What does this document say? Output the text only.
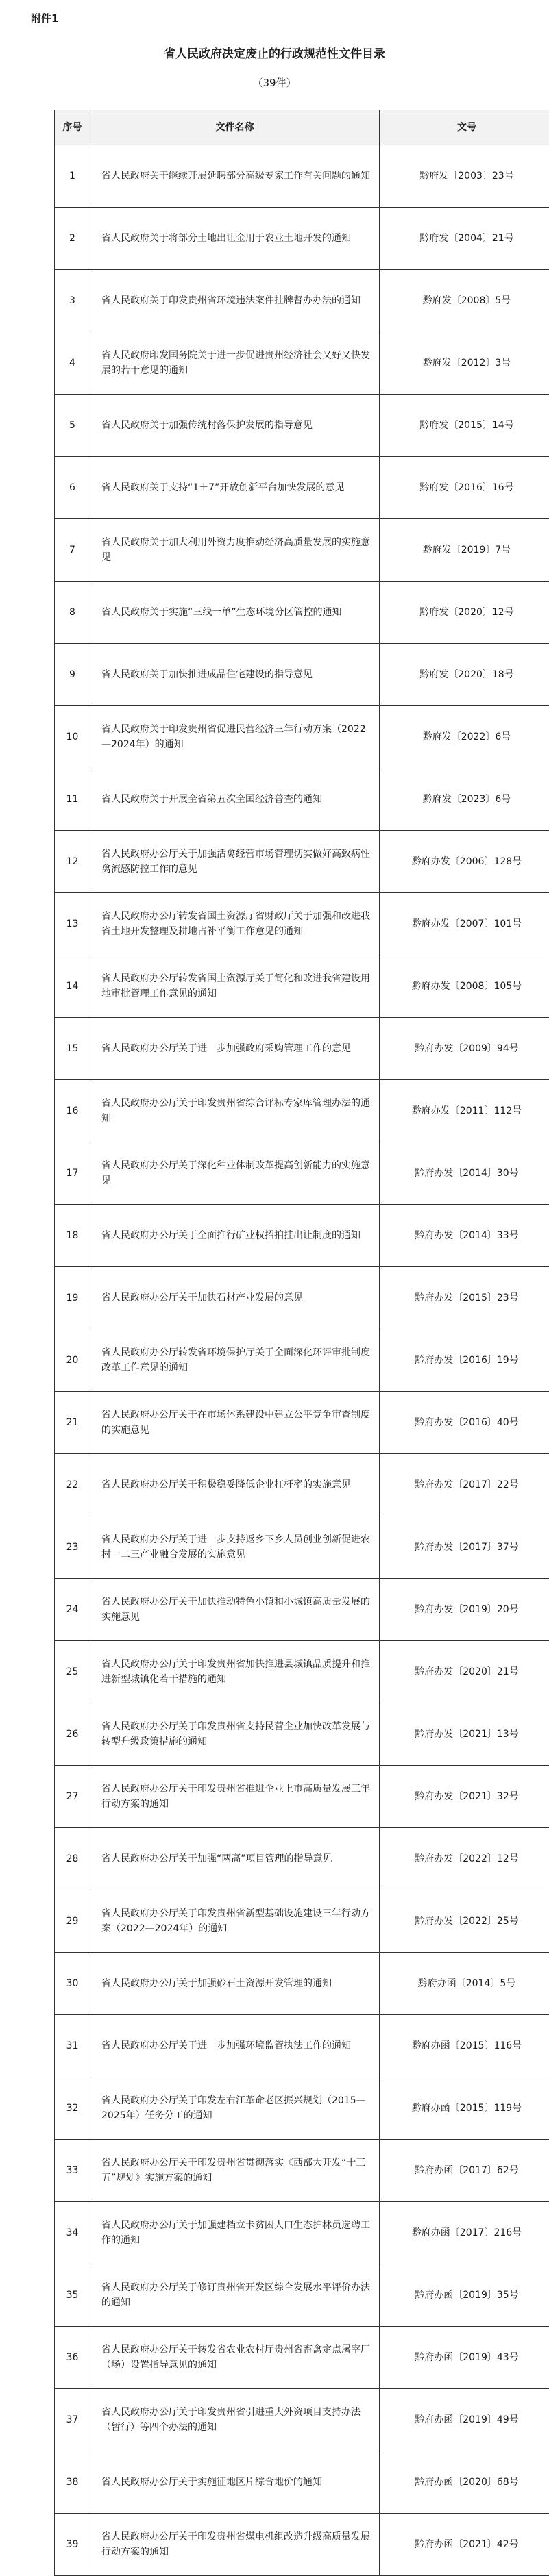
附件1
省人民政府决定废止的行政规范性文件目录
（39件）
序号	文件名称	文号
1	省人民政府关于继续开展延聘部分高级专家工作有关问题的通知	黔府发〔2003〕23号
2	省人民政府关于将部分土地出让金用于农业土地开发的通知	黔府发〔2004〕21号
3	省人民政府关于印发贵州省环境违法案件挂牌督办办法的通知	黔府发〔2008〕5号
4	省人民政府印发国务院关于进一步促进贵州经济社会又好又快发展的若干意见的通知	黔府发〔2012〕3号
5	省人民政府关于加强传统村落保护发展的指导意见	黔府发〔2015〕14号
6	省人民政府关于支持“1＋7”开放创新平台加快发展的意见	黔府发〔2016〕16号
7	省人民政府关于加大利用外资力度推动经济高质量发展的实施意见	黔府发〔2019〕7号
8	省人民政府关于实施“三线一单”生态环境分区管控的通知	黔府发〔2020〕12号
9	省人民政府关于加快推进成品住宅建设的指导意见	黔府发〔2020〕18号
10	省人民政府关于印发贵州省促进民营经济三年行动方案（2022—2024年）的通知	黔府发〔2022〕6号
11	省人民政府关于开展全省第五次全国经济普查的通知	黔府发〔2023〕6号
12	省人民政府办公厅关于加强活禽经营市场管理切实做好高致病性禽流感防控工作的意见	黔府办发〔2006〕128号
13	省人民政府办公厅转发省国土资源厅省财政厅关于加强和改进我省土地开发整理及耕地占补平衡工作意见的通知	黔府办发〔2007〕101号
14	省人民政府办公厅转发省国土资源厅关于简化和改进我省建设用地审批管理工作意见的通知	黔府办发〔2008〕105号
15	省人民政府办公厅关于进一步加强政府采购管理工作的意见	黔府办发〔2009〕94号
16	省人民政府办公厅关于印发贵州省综合评标专家库管理办法的通知	黔府办发〔2011〕112号
17	省人民政府办公厅关于深化种业体制改革提高创新能力的实施意见	黔府办发〔2014〕30号
18	省人民政府办公厅关于全面推行矿业权招拍挂出让制度的通知	黔府办发〔2014〕33号
19	省人民政府办公厅关于加快石材产业发展的意见	黔府办发〔2015〕23号
20	省人民政府办公厅转发省环境保护厅关于全面深化环评审批制度改革工作意见的通知	黔府办发〔2016〕19号
21	省人民政府办公厅关于在市场体系建设中建立公平竞争审查制度的实施意见	黔府办发〔2016〕40号
22	省人民政府办公厅关于积极稳妥降低企业杠杆率的实施意见	黔府办发〔2017〕22号
23	省人民政府办公厅关于进一步支持返乡下乡人员创业创新促进农村一二三产业融合发展的实施意见	黔府办发〔2017〕37号
24	省人民政府办公厅关于加快推动特色小镇和小城镇高质量发展的实施意见	黔府办发〔2019〕20号
25	省人民政府办公厅关于印发贵州省加快推进县城镇品质提升和推进新型城镇化若干措施的通知	黔府办发〔2020〕21号
26	省人民政府办公厅关于印发贵州省支持民营企业加快改革发展与转型升级政策措施的通知	黔府办发〔2021〕13号
27	省人民政府办公厅关于印发贵州省推进企业上市高质量发展三年行动方案的通知	黔府办发〔2021〕32号
28	省人民政府办公厅关于加强“两高”项目管理的指导意见	黔府办发〔2022〕12号
29	省人民政府办公厅关于印发贵州省新型基础设施建设三年行动方案（2022—2024年）的通知	黔府办发〔2022〕25号
30	省人民政府办公厅关于加强砂石土资源开发管理的通知	黔府办函〔2014〕5号
31	省人民政府办公厅关于进一步加强环境监管执法工作的通知	黔府办函〔2015〕116号
32	省人民政府办公厅关于印发左右江革命老区振兴规划（2015—2025年）任务分工的通知	黔府办函〔2015〕119号
33	省人民政府办公厅关于印发贵州省贯彻落实《西部大开发“十三五”规划》实施方案的通知	黔府办函〔2017〕62号
34	省人民政府办公厅关于加强建档立卡贫困人口生态护林员选聘工作的通知	黔府办函〔2017〕216号
35	省人民政府办公厅关于修订贵州省开发区综合发展水平评价办法的通知	黔府办函〔2019〕35号
36	省人民政府办公厅关于转发省农业农村厅贵州省畜禽定点屠宰厂（场）设置指导意见的通知	黔府办函〔2019〕43号
37	省人民政府办公厅关于印发贵州省引进重大外资项目支持办法（暂行）等四个办法的通知	黔府办函〔2019〕49号
38	省人民政府办公厅关于实施征地区片综合地价的通知	黔府办函〔2020〕68号
39	省人民政府办公厅关于印发贵州省煤电机组改造升级高质量发展行动方案的通知	黔府办函〔2021〕42号
